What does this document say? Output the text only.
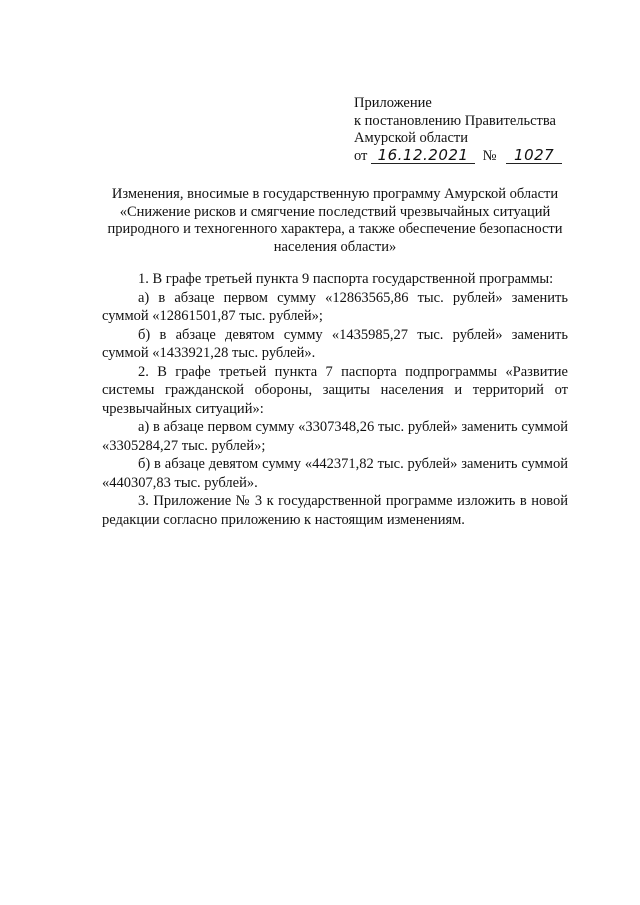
Приложение
к постановлению Правительства
Амурской области
от 16.12.2021 № 1027
Изменения, вносимые в государственную программу Амурской области
«Снижение рисков и смягчение последствий чрезвычайных ситуаций
природного и техногенного характера, а также обеспечение безопасности
населения области»
1. В графе третьей пункта 9 паспорта государственной программы:
а) в абзаце первом сумму «12863565,86 тыс. рублей» заменить суммой «12861501,87 тыс. рублей»;
б) в абзаце девятом сумму «1435985,27 тыс. рублей» заменить суммой «1433921,28 тыс. рублей».
2. В графе третьей пункта 7 паспорта подпрограммы «Развитие системы гражданской обороны, защиты населения и территорий от чрезвычайных ситуаций»:
а) в абзаце первом сумму «3307348,26 тыс. рублей» заменить суммой «3305284,27 тыс. рублей»;
б) в абзаце девятом сумму «442371,82 тыс. рублей» заменить суммой «440307,83 тыс. рублей».
3. Приложение № 3 к государственной программе изложить в новой редакции согласно приложению к настоящим изменениям.
